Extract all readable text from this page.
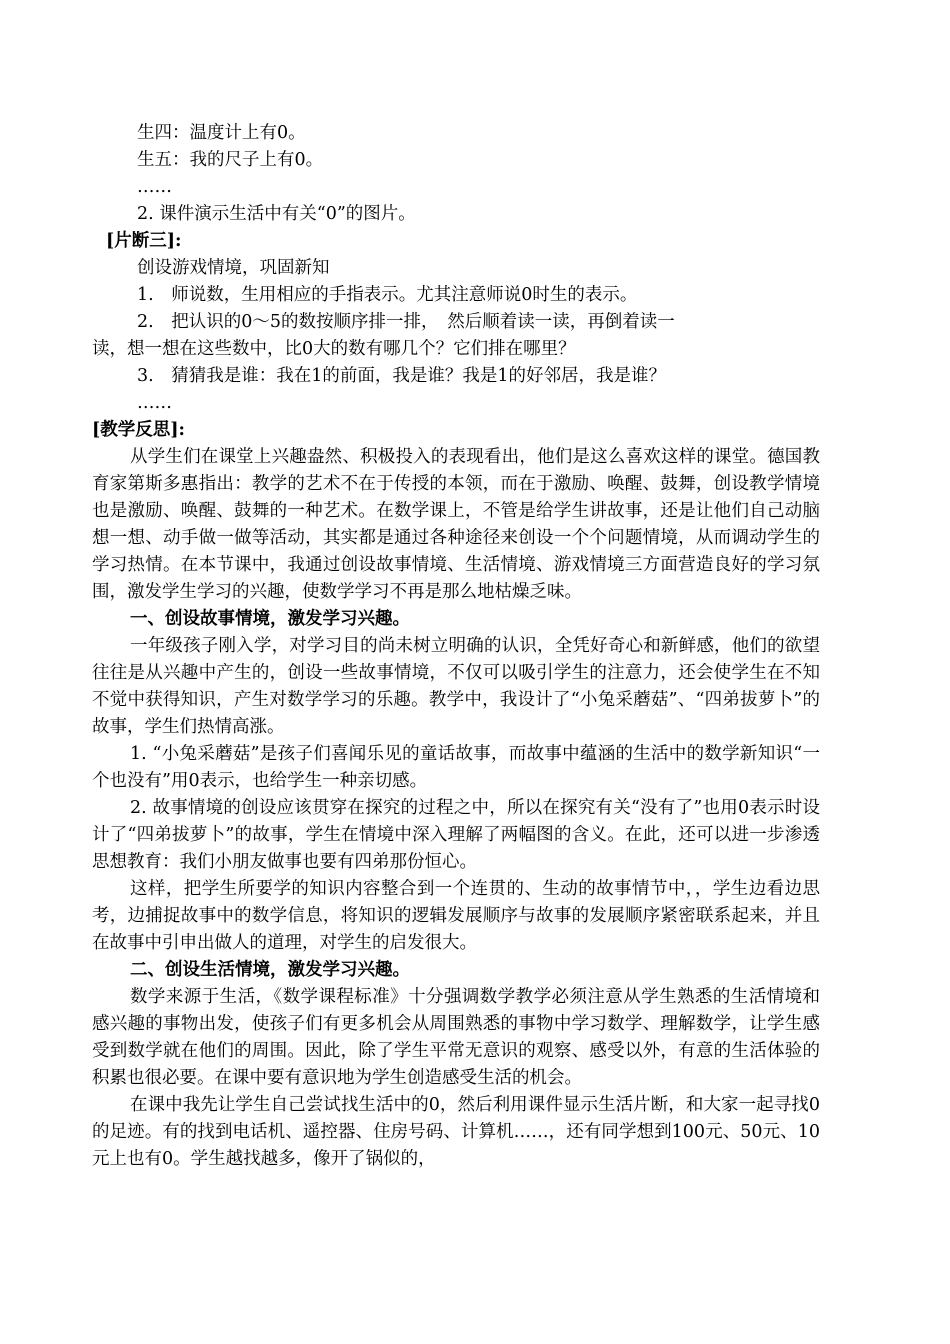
生四：温度计上有0。
生五：我的尺子上有0。
……
2. 课件演示生活中有关“0”的图片。
[片断三]:
创设游戏情境，巩固新知
1.　师说数，生用相应的手指表示。尤其注意师说0时生的表示。
2.　把认识的0～5的数按顺序排一排，　然后顺着读一读，再倒着读一
读，想一想在这些数中，比0大的数有哪几个？它们排在哪里？
3.　猜猜我是谁：我在1的前面，我是谁？我是1的好邻居，我是谁？
……
[教学反思]:

从学生们在课堂上兴趣盎然、积极投入的表现看出，他们是这么喜欢这样的课堂。德国教育家第斯多惠指出：教学的艺术不在于传授的本领，而在于激励、唤醒、鼓舞，创设教学情境也是激励、唤醒、鼓舞的一种艺术。在数学课上，不管是给学生讲故事，还是让他们自己动脑想一想、动手做一做等活动，其实都是通过各种途径来创设一个个问题情境，从而调动学生的学习热情。在本节课中，我通过创设故事情境、生活情境、游戏情境三方面营造良好的学习氛围，激发学生学习的兴趣，使数学学习不再是那么地枯燥乏味。

一、创设故事情境，激发学习兴趣。

一年级孩子刚入学，对学习目的尚未树立明确的认识，全凭好奇心和新鲜感，他们的欲望往往是从兴趣中产生的，创设一些故事情境，不仅可以吸引学生的注意力，还会使学生在不知不觉中获得知识，产生对数学学习的乐趣。教学中，我设计了“小兔采蘑菇”、“四弟拔萝卜”的故事，学生们热情高涨。

1. “小兔采蘑菇”是孩子们喜闻乐见的童话故事，而故事中蕴涵的生活中的数学新知识“一个也没有”用0表示，也给学生一种亲切感。

2. 故事情境的创设应该贯穿在探究的过程之中，所以在探究有关“没有了”也用0表示时设计了“四弟拔萝卜”的故事，学生在情境中深入理解了两幅图的含义。在此，还可以进一步渗透思想教育：我们小朋友做事也要有四弟那份恒心。

这样，把学生所要学的知识内容整合到一个连贯的、生动的故事情节中，，学生边看边思考，边捕捉故事中的数学信息，将知识的逻辑发展顺序与故事的发展顺序紧密联系起来，并且在故事中引申出做人的道理，对学生的启发很大。

二、创设生活情境，激发学习兴趣。

数学来源于生活，《数学课程标准》十分强调数学教学必须注意从学生熟悉的生活情境和感兴趣的事物出发，使孩子们有更多机会从周围熟悉的事物中学习数学、理解数学，让学生感受到数学就在他们的周围。因此，除了学生平常无意识的观察、感受以外，有意的生活体验的积累也很必要。在课中要有意识地为学生创造感受生活的机会。

在课中我先让学生自己尝试找生活中的0，然后利用课件显示生活片断，和大家一起寻找0的足迹。有的找到电话机、遥控器、住房号码、计算机……，还有同学想到100元、50元、10元上也有0。学生越找越多，像开了锅似的，
